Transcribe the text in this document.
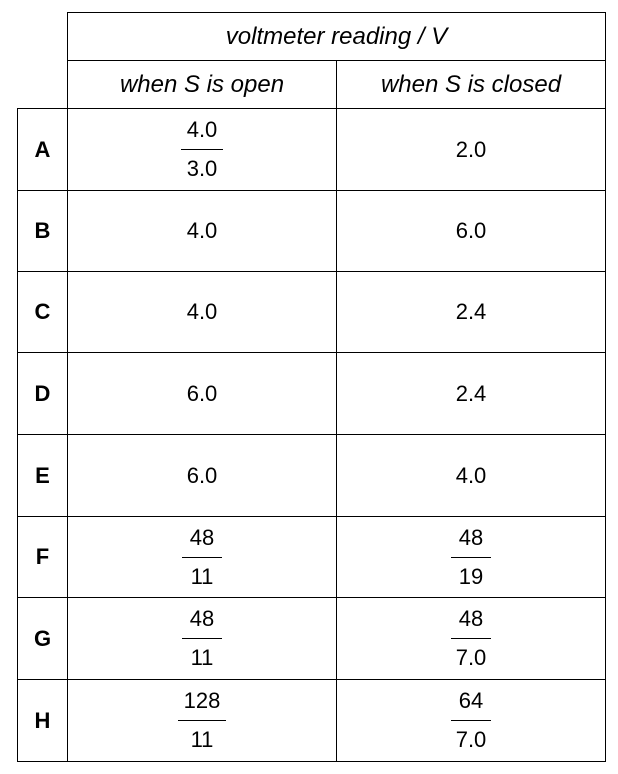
voltmeter reading / V
when S is open	when S is closed
A	$\frac{4.0}{3.0}$	2.0
B	4.0	6.0
C	4.0	2.4
D	6.0	2.4
E	6.0	4.0
F	$\frac{48}{11}$	$\frac{48}{19}$
G	$\frac{48}{11}$	$\frac{48}{7.0}$
H	$\frac{128}{11}$	$\frac{64}{7.0}$
